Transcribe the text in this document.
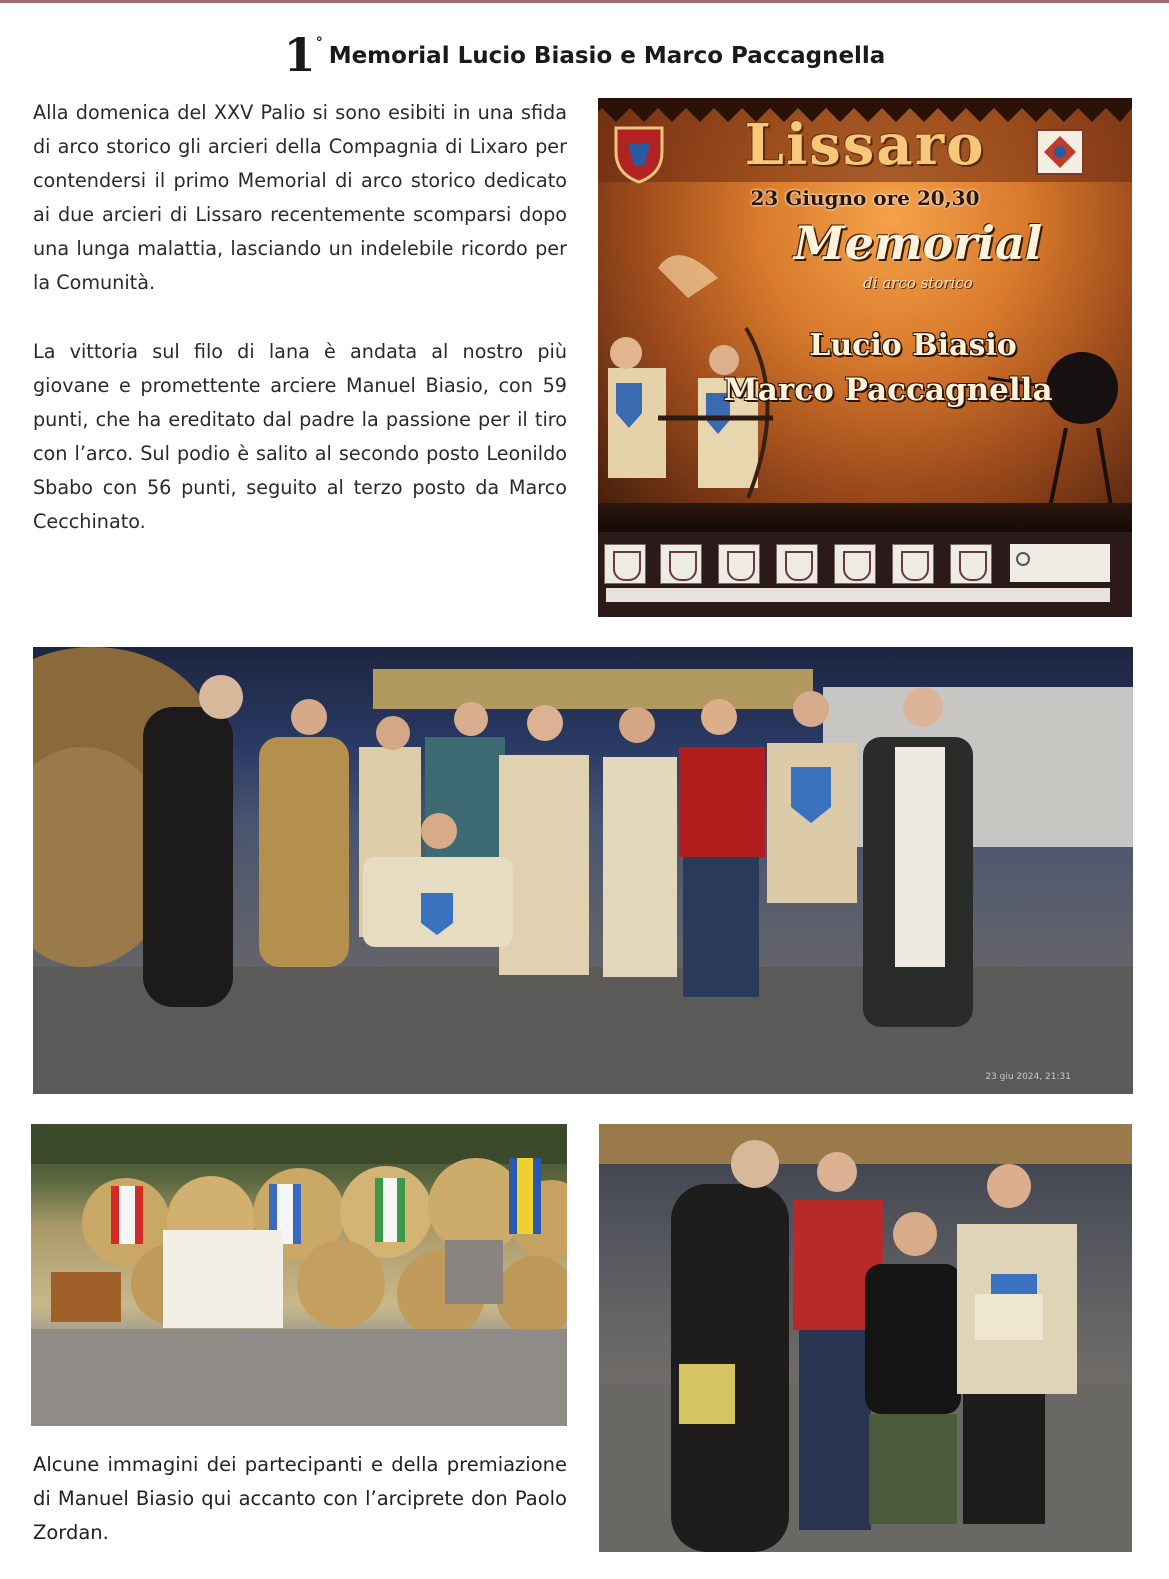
1° Memorial Lucio Biasio e Marco Paccagnella

Alla domenica del XXV Palio si sono esibiti in una sfida di arco storico gli arcieri della Compagnia di Lixaro per contendersi il primo Memorial di arco storico dedicato ai due arcieri di Lissaro recentemente scomparsi dopo una lunga malattia, lasciando un indelebile ricordo per la Comunità.

La vittoria sul filo di lana è andata al nostro più giovane e promettente arciere Manuel Biasio, con 59 punti, che ha ereditato dal padre la passione per il tiro con l’arco. Sul podio è salito al secondo posto Leonildo Sbabo con 56 punti, seguito al terzo posto da Marco Cecchinato.

Lissaro
23 Giugno ore 20,30
Memorial
di arco storico
Lucio Biasio
Marco Paccagnella
23 giu 2024, 21:31

Alcune immagini dei partecipanti e della premiazione di Manuel Biasio qui accanto con l’arciprete don Paolo Zordan.
